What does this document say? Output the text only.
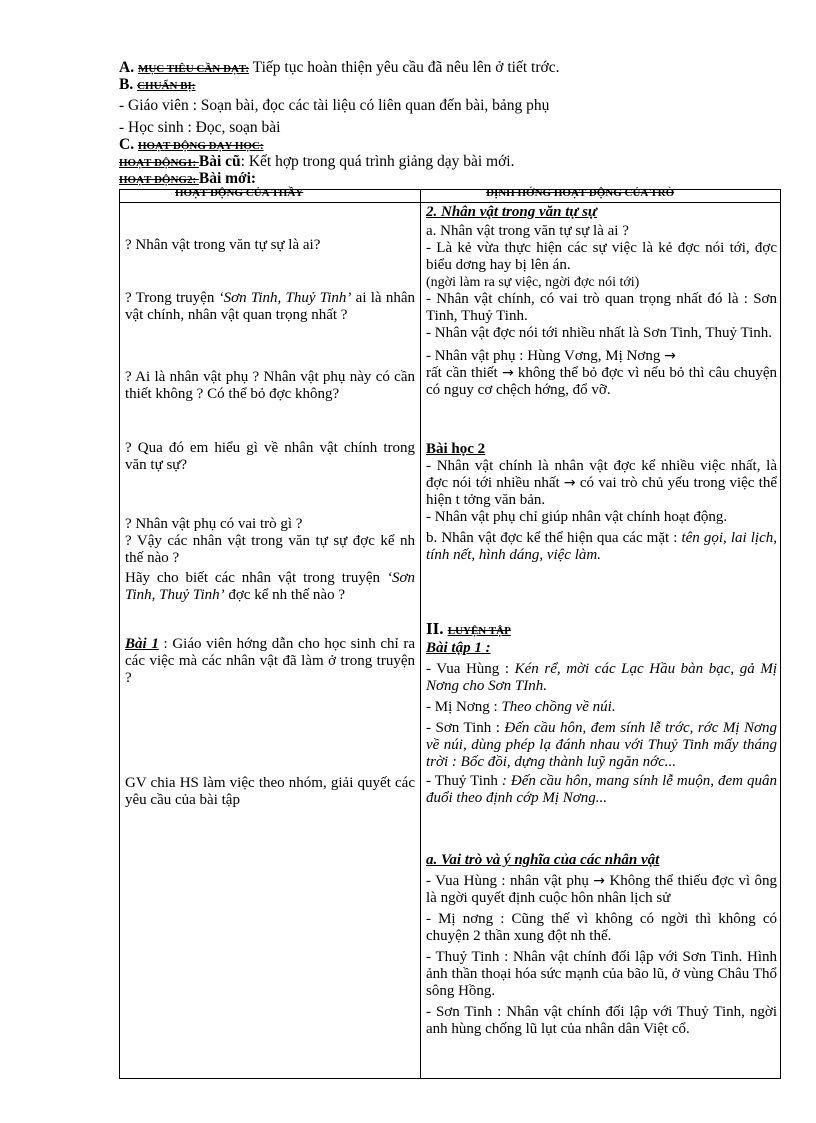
A. MỤC TIÊU CẦN ĐẠT: Tiếp tục hoàn thiện yêu cầu đã nêu lên ở tiết trớc.
B. CHUẨN BỊ:
- Giáo viên : Soạn bài, đọc các tài liệu có liên quan đến bài, bảng phụ
- Học sinh : Đọc, soạn bài
C. HOẠT ĐỘNG DẠY HỌC:
HOẠT ĐỘNG1: Bài cũ: Kết hợp trong quá trình giảng dạy bài mới.
HOẠT ĐỘNG2: Bài mới:
HOẠT ĐỘNG CỦA THẦY	ĐỊNH HỚNG HOẠT ĐỘNG CỦA TRÒ
? Nhân vật trong văn tự sự là ai?
? Trong truyện ‘Sơn Tinh, Thuỷ Tinh’ ai là nhân vật chính, nhân vật quan trọng nhất ?
? Ai là nhân vật phụ ? Nhân vật phụ này có cần thiết không ? Có thể bỏ đợc không?
? Qua đó em hiểu gì về nhân vật chính trong văn tự sự?
? Nhân vật phụ có vai trò gì ?
? Vậy các nhân vật trong văn tự sự đợc kể nh thế nào ?
Hãy cho biết các nhân vật trong truyện ‘Sơn Tinh, Thuỷ Tinh’ đợc kể nh thế nào ?
Bài 1 : Giáo viên hớng dẫn cho học sinh chỉ ra các việc mà các nhân vật đã làm ở trong truyện ?
GV chia HS làm việc theo nhóm, giải quyết các yêu cầu của bài tập
2. Nhân vật trong văn tự sự
a. Nhân vật trong văn tự sự là ai ?
- Là kẻ vừa thực hiện các sự việc là kẻ đợc nói tới, đợc biểu dơng hay bị lên án.
(ngời làm ra sự việc, ngời đợc nói tới)
- Nhân vật chính, có vai trò quan trọng nhất đó là : Sơn Tinh, Thuỷ Tinh.
- Nhân vật đợc nói tới nhiều nhất là Sơn Tinh, Thuỷ Tinh.
- Nhân vật phụ : Hùng Vơng, Mị Nơng →
rất cần thiết → không thể bỏ đợc vì nếu bỏ thì câu chuyện có nguy cơ chệch hớng, đổ vỡ.
Bài học 2
- Nhân vật chính là nhân vật đợc kể nhiều việc nhất, là đợc nói tới nhiều nhất → có vai trò chủ yếu trong việc thể hiện t tởng văn bản.
- Nhân vật phụ chỉ giúp nhân vật chính hoạt động.
b. Nhân vật đợc kể thể hiện qua các mặt : tên gọi, lai lịch, tính nết, hình dáng, việc làm.
II. LUYỆN TẬP
Bài tập 1 :
- Vua Hùng : Kén rể, mời các Lạc Hầu bàn bạc, gả Mị Nơng cho Sơn TInh.
- Mị Nơng : Theo chồng về núi.
- Sơn Tinh : Đến cầu hôn, đem sính lễ trớc, rớc Mị Nơng về núi, dùng phép lạ đánh nhau với Thuỷ Tinh mấy tháng trời : Bốc đồi, dựng thành luỹ ngăn nớc...
- Thuỷ Tinh : Đến cầu hôn, mang sính lễ muộn, đem quân đuổi theo định cớp Mị Nơng...
a. Vai trò và ý nghĩa của các nhân vật
- Vua Hùng : nhân vật phụ → Không thể thiếu đợc vì ông là ngời quyết định cuộc hôn nhân lịch sử
- Mị nơng : Cũng thế vì không có ngời thì không có chuyện 2 thần xung đột nh thế.
- Thuỷ Tinh : Nhân vật chính đối lập với Sơn Tinh. Hình ảnh thần thoại hóa sức mạnh của bão lũ, ở vùng Châu Thổ sông Hồng.
- Sơn Tinh : Nhân vật chính đối lập với Thuỷ Tinh, ngời anh hùng chống lũ lụt của nhân dân Việt cổ.
